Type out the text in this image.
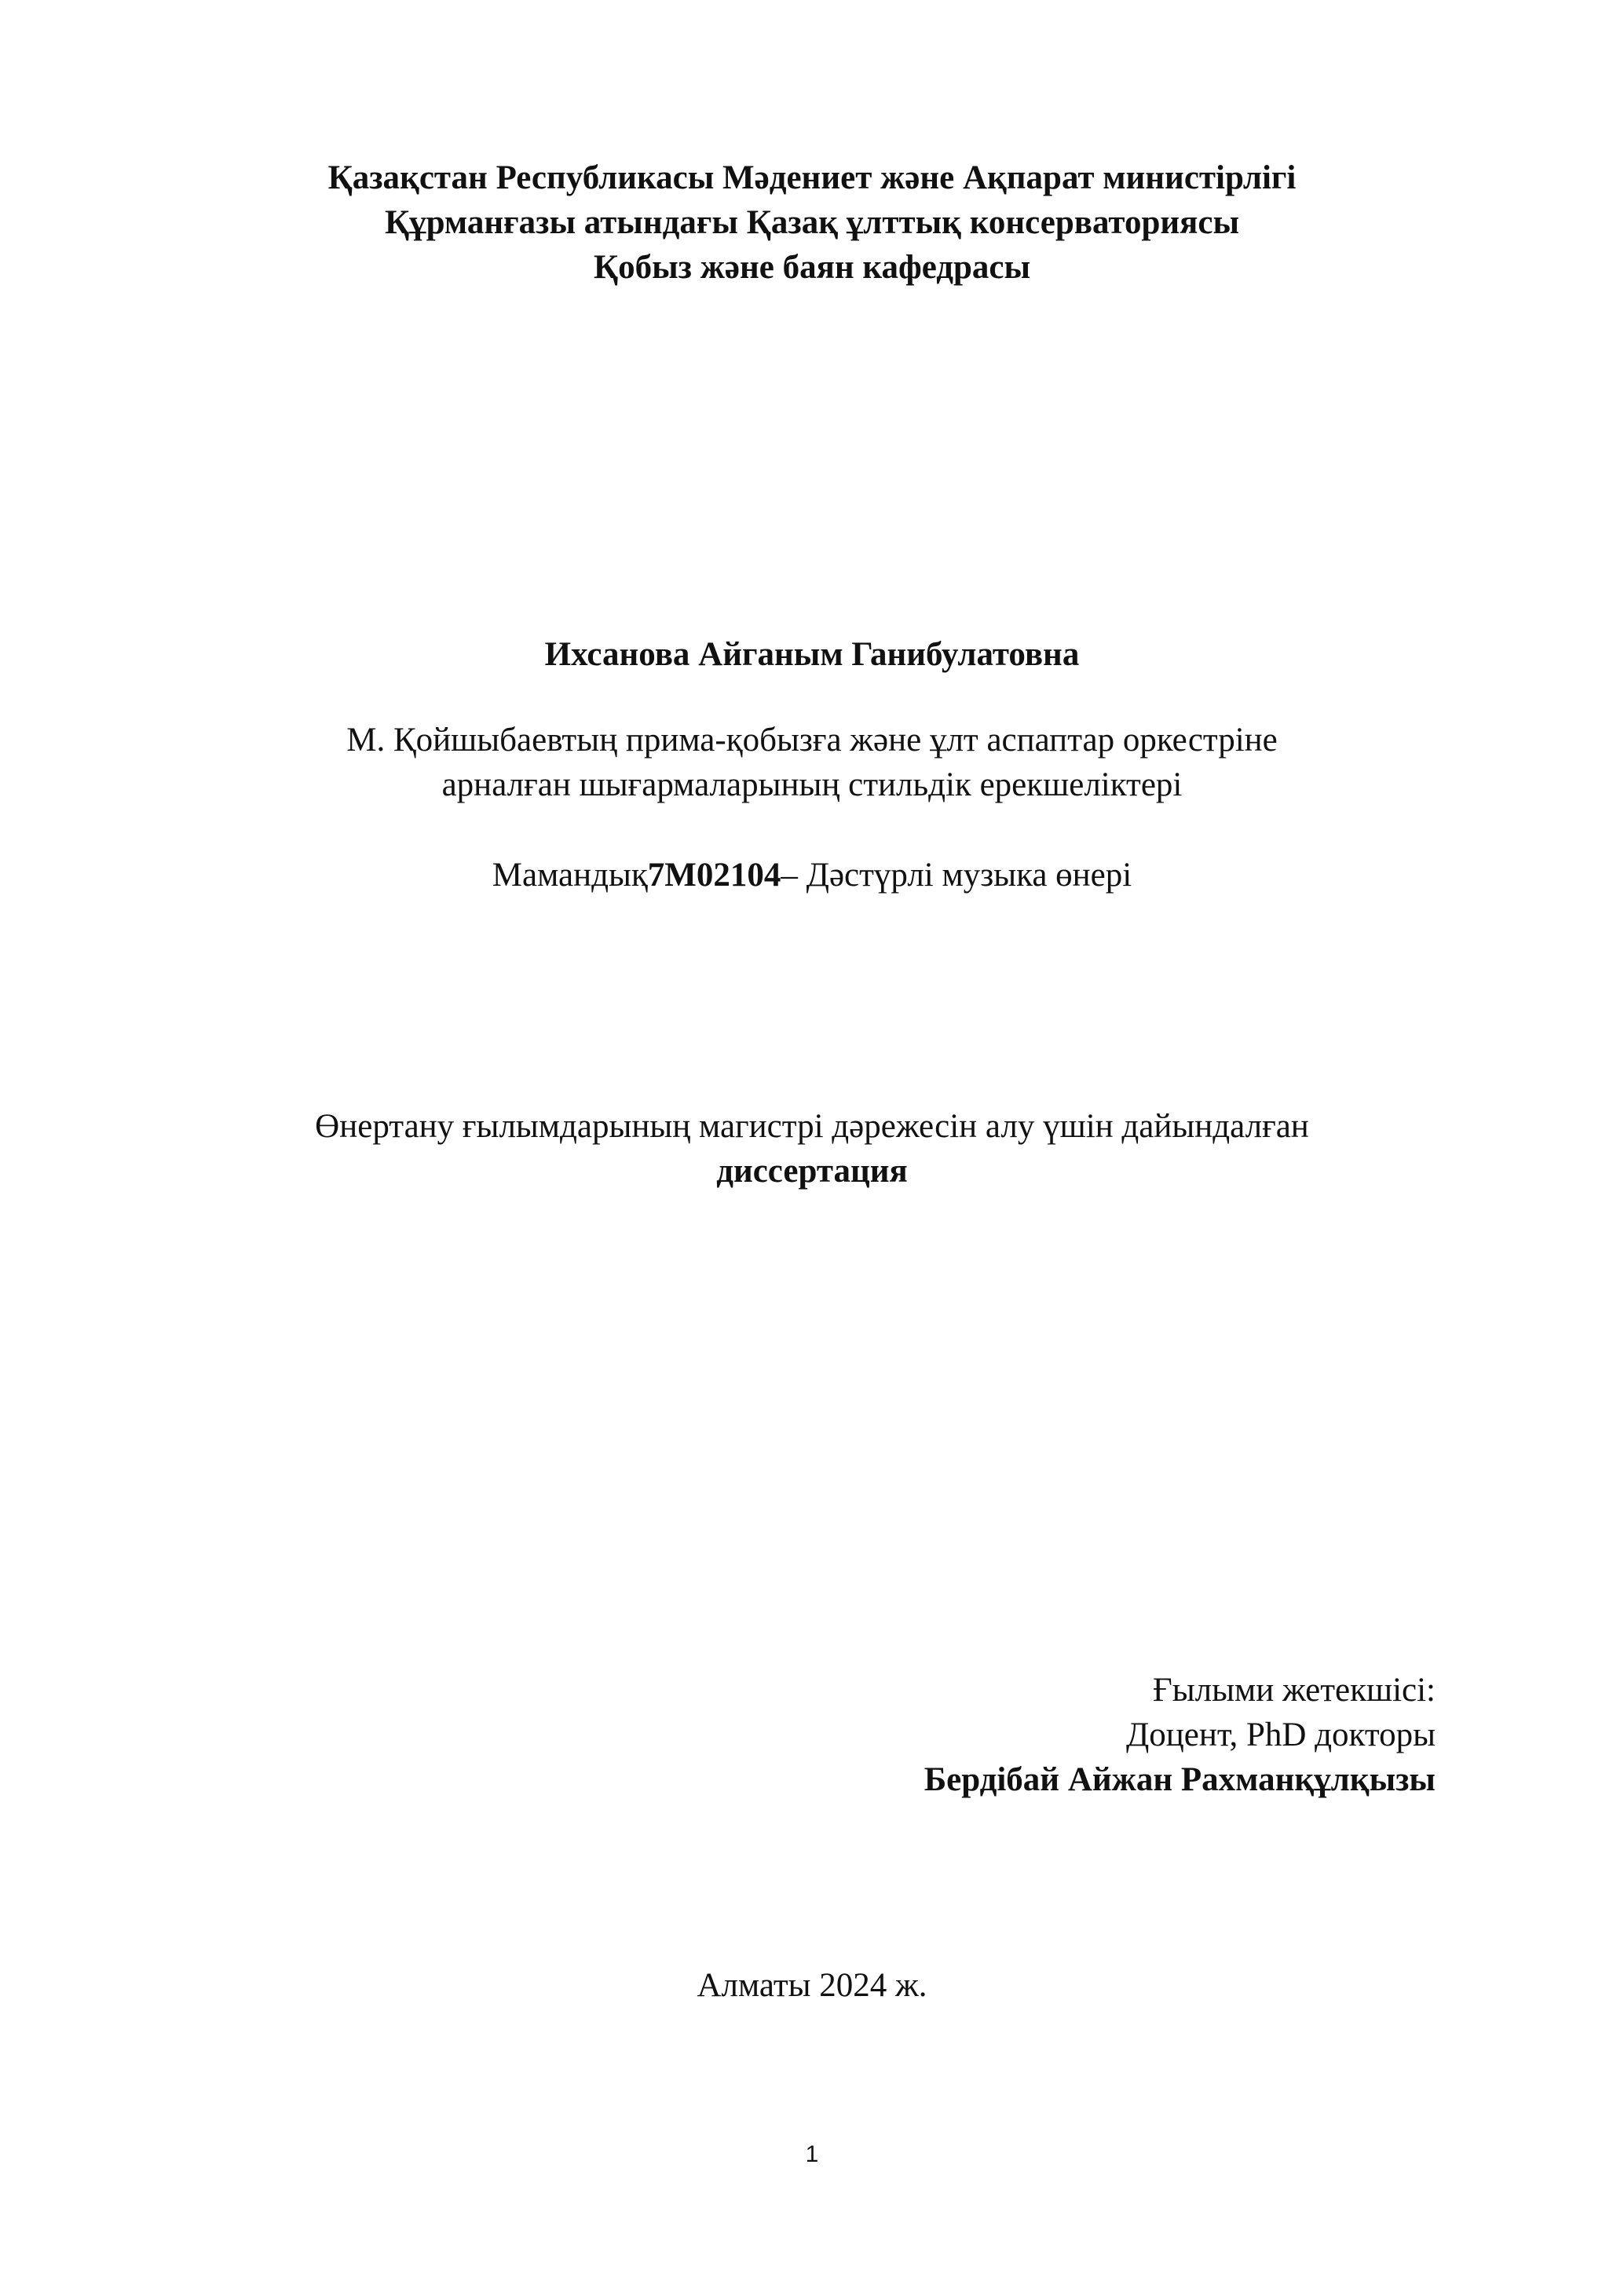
Қазақстан Республикасы Мәдениет және Ақпарат министірлігі
Құрманғазы атындағы Қазақ ұлттық консерваториясы
Қобыз және баян кафедрасы
Ихсанова Айганым Ганибулатовна
М. Қойшыбаевтың прима-қобызға және ұлт аспаптар оркестріне
арналған шығармаларының стильдік ерекшеліктері
Мамандық7М02104– Дәстүрлі музыка өнері
Өнертану ғылымдарының магистрі дәрежесін алу үшін дайындалған
диссертация
Ғылыми жетекшісі:
Доцент, PhD докторы
Бердібай Айжан Рахманқұлқызы
Алматы 2024 ж.
1
